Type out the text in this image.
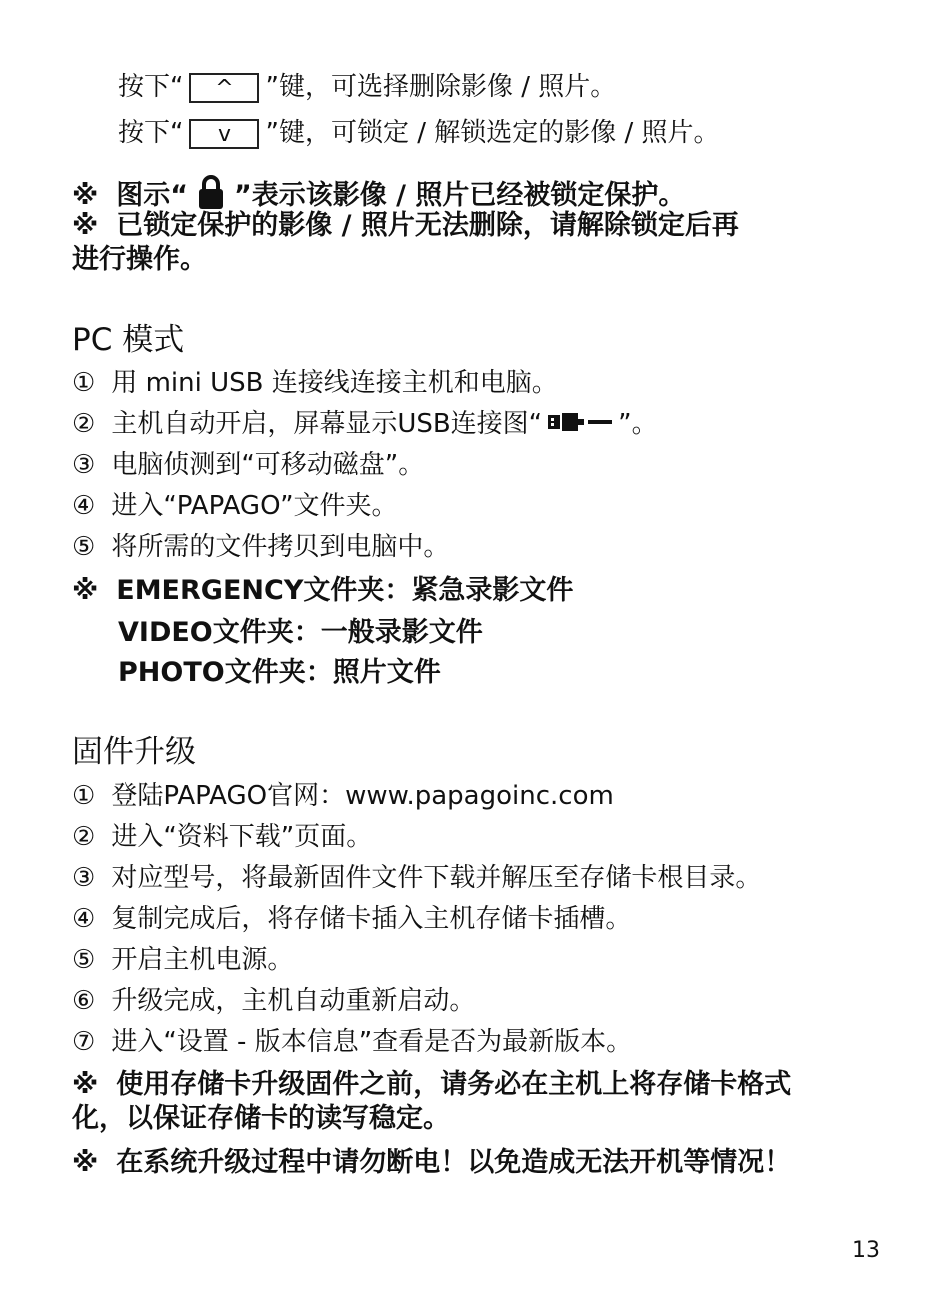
按下“ ^ ”键，可选择删除影像 / 照片。
按下“ v ”键，可锁定 / 解锁选定的影像 / 照片。
※ 图示“ ”表示该影像 / 照片已经被锁定保护。
※ 已锁定保护的影像 / 照片无法删除，请解除锁定后再
进行操作。
PC 模式
① 用 mini USB 连接线连接主机和电脑。
② 主机自动开启，屏幕显示USB连接图“	”。
③ 电脑侦测到“可移动磁盘”。
④ 进入“PAPAGO”文件夹。
⑤ 将所需的文件拷贝到电脑中。
※ EMERGENCY文件夹：紧急录影文件
VIDEO文件夹：一般录影文件
PHOTO文件夹：照片文件
固件升级
① 登陆PAPAGO官网：www.papagoinc.com
② 进入“资料下载”页面。
③ 对应型号，将最新固件文件下载并解压至存储卡根目录。
④ 复制完成后，将存储卡插入主机存储卡插槽。
⑤ 开启主机电源。
⑥ 升级完成，主机自动重新启动。
⑦ 进入“设置 - 版本信息”查看是否为最新版本。
※ 使用存储卡升级固件之前，请务必在主机上将存储卡格式
化，以保证存储卡的读写稳定。
※ 在系统升级过程中请勿断电！以免造成无法开机等情况！
13
